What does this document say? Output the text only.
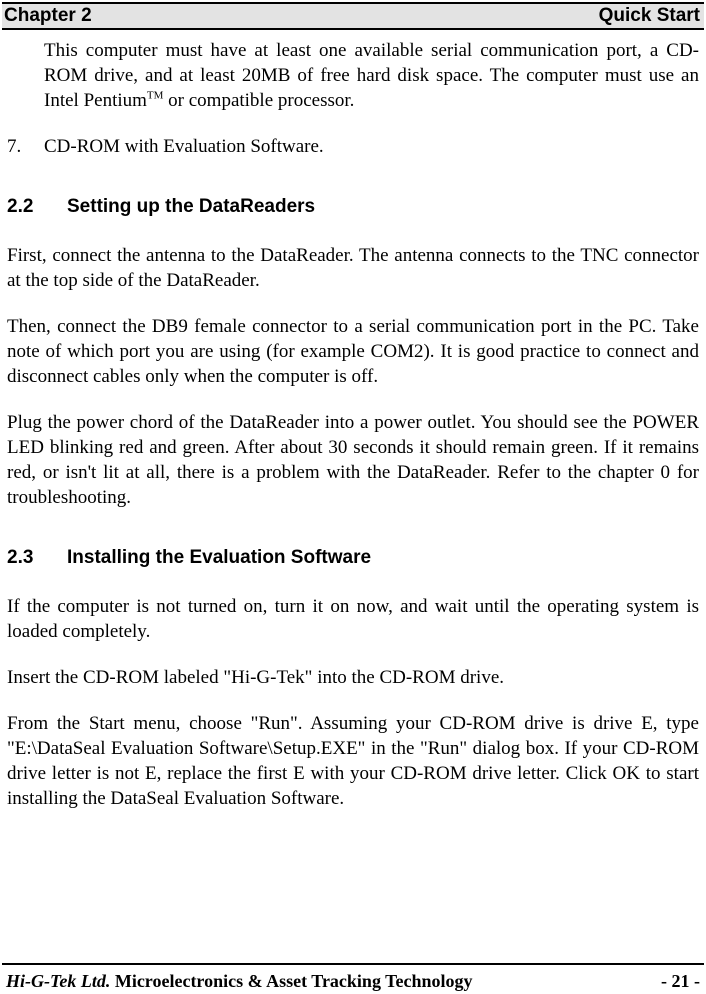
Chapter 2	Quick Start

This computer must have at least one available serial communication port, a CD-ROM drive, and at least 20MB of free hard disk space. The computer must use an Intel Pentium™ or compatible processor.

7.	CD-ROM with Evaluation Software.
2.2	Setting up the DataReaders

First, connect the antenna to the DataReader. The antenna connects to the TNC connector at the top side of the DataReader.

Then, connect the DB9 female connector to a serial communication port in the PC. Take note of which port you are using (for example COM2). It is good practice to connect and disconnect cables only when the computer is off.

Plug the power chord of the DataReader into a power outlet. You should see the POWER LED blinking red and green. After about 30 seconds it should remain green. If it remains red, or isn't lit at all, there is a problem with the DataReader. Refer to the chapter 0 for troubleshooting.

2.3	Installing the Evaluation Software

If the computer is not turned on, turn it on now, and wait until the operating system is loaded completely.

Insert the CD-ROM labeled "Hi-G-Tek" into the CD-ROM drive.

From the Start menu, choose "Run". Assuming your CD-ROM drive is drive E, type "E:\DataSeal Evaluation Software\Setup.EXE" in the "Run" dialog box. If your CD-ROM drive letter is not E, replace the first E with your CD-ROM drive letter. Click OK to start installing the DataSeal Evaluation Software.

Hi-G-Tek Ltd. Microelectronics & Asset Tracking Technology	- 21 -
